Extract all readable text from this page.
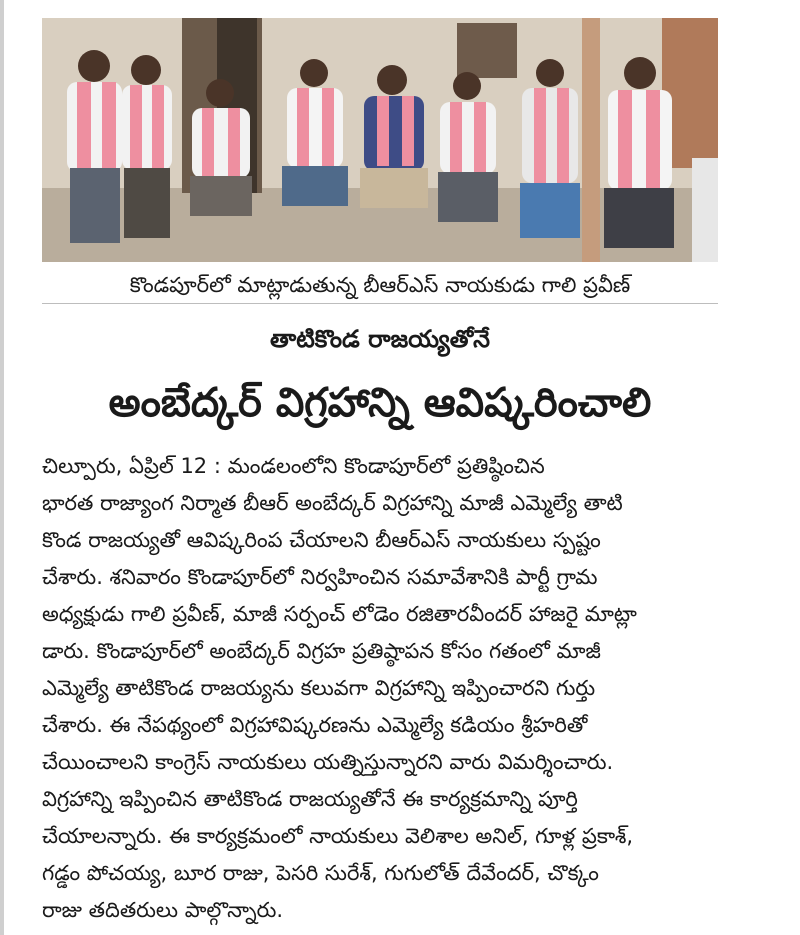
కొండపూర్‌లో మాట్లాడుతున్న బీఆర్‌ఎస్‌ నాయకుడు గాలి ప్రవీణ్
తాటికొండ రాజయ్యతోనే
అంబేద్కర్‌ విగ్రహాన్ని ఆవిష్కరించాలి
చిల్పూరు, ఏప్రిల్‌ 12 : మండలంలోని కొండాపూర్‌లో ప్రతిష్ఠించిన
భారత రాజ్యాంగ నిర్మాత బీఆర్‌ అంబేద్కర్‌ విగ్రహాన్ని మాజీ ఎమ్మెల్యే తాటి
కొండ రాజయ్యతో ఆవిష్కరింప చేయాలని బీఆర్‌ఎస్‌ నాయకులు స్పష్టం
చేశారు. శనివారం కొండాపూర్‌లో నిర్వహించిన సమావేశానికి పార్టీ గ్రామ
అధ్యక్షుడు గాలి ప్రవీణ్‌, మాజీ సర్పంచ్‌ లోడెం రజితారవీందర్‌ హాజరై మాట్లా
డారు. కొండాపూర్‌లో అంబేద్కర్‌ విగ్రహ ప్రతిష్ఠాపన కోసం గతంలో మాజీ
ఎమ్మెల్యే తాటికొండ రాజయ్యను కలువగా విగ్రహాన్ని ఇప్పించారని గుర్తు
చేశారు. ఈ నేపథ్యంలో విగ్రహావిష్కరణను ఎమ్మెల్యే కడియం శ్రీహరితో
చేయించాలని కాంగ్రెస్‌ నాయకులు యత్నిస్తున్నారని వారు విమర్శించారు.
విగ్రహాన్ని ఇప్పించిన తాటికొండ రాజయ్యతోనే ఈ కార్యక్రమాన్ని పూర్తి
చేయాలన్నారు. ఈ కార్యక్రమంలో నాయకులు వెలిశాల అనిల్‌, గూళ్ల ప్రకాశ్‌,
గడ్డం పోచయ్య, బూర రాజు, పెసరి సురేశ్‌, గుగులోత్‌ దేవేందర్‌, చొక్కం
రాజు తదితరులు పాల్గొన్నారు.
